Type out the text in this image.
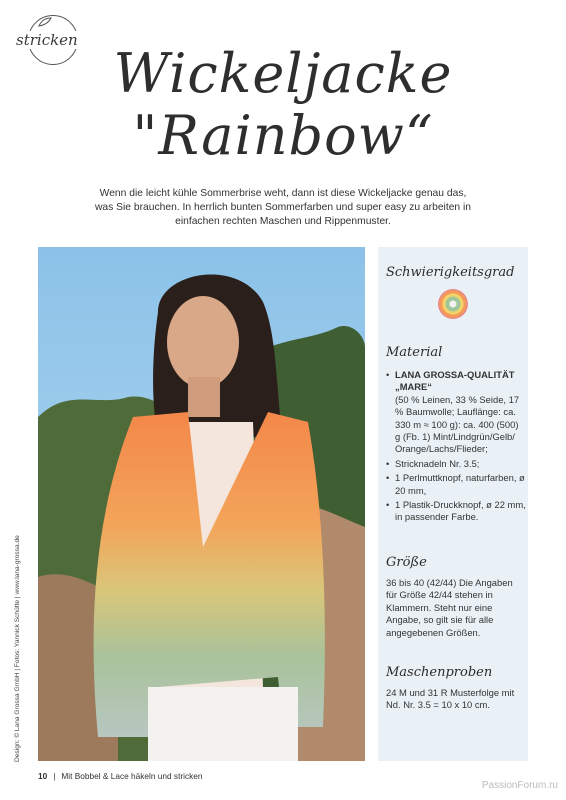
stricken
Wickeljacke
"Rainbow“
Wenn die leicht kühle Sommerbrise weht, dann ist diese Wickeljacke genau das, was Sie brauchen. In herrlich bunten Sommerfarben und super easy zu arbeiten in einfachen rechten Maschen und Rippenmuster.
Schwierigkeitsgrad
Material
• LANA GROSSA-QUALITÄT „MARE“
(50 % Leinen, 33 % Seide, 17 % Baumwolle; Lauflänge: ca. 330 m ≈ 100 g): ca. 400 (500) g (Fb. 1) Mint/Lindgrün/Gelb/ Orange/Lachs/Flieder;
• Stricknadeln Nr. 3.5;
• 1 Perlmuttknopf, naturfarben, ø 20 mm,
• 1 Plastik-Druckknopf, ø 22 mm, in passender Farbe.
Größe
36 bis 40 (42/44) Die Angaben für Größe 42/44 stehen in Klammern. Steht nur eine Angabe, so gilt sie für alle angegebenen Größen.
Maschenproben
24 M und 31 R Musterfolge mit Nd. Nr. 3.5 = 10 x 10 cm.
Design: © Lana Grossa GmbH | Fotos: Yannick Schütte | www.lana-grossa.de
10 | Mit Bobbel & Lace häkeln und stricken
PassionForum.ru
